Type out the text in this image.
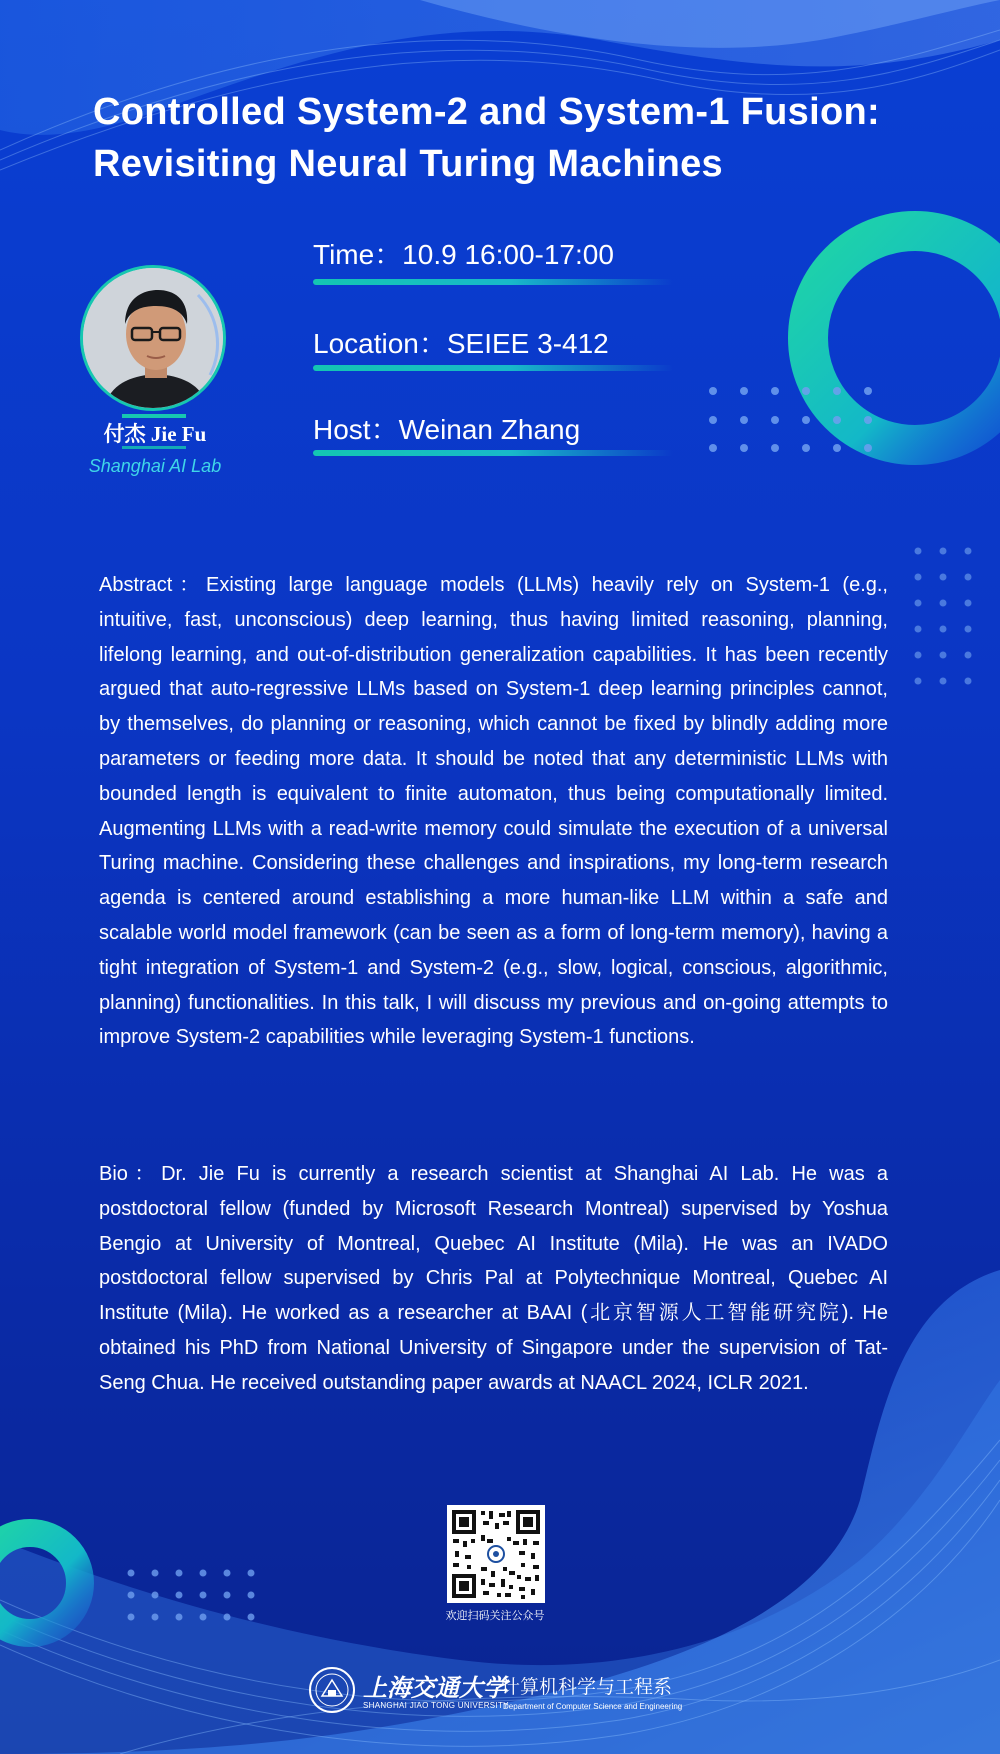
Controlled System-2 and System-1 Fusion:
Revisiting Neural Turing Machines
付杰 Jie Fu
Shanghai AI Lab
Time：10.9 16:00-17:00
Location：SEIEE 3-412
Host：Weinan Zhang
Abstract：Existing large language models (LLMs) heavily rely on System-1 (e.g., intuitive, fast, unconscious) deep learning, thus having limited reasoning, planning, lifelong learning, and out-of-distribution generalization capabilities. It has been recently argued that auto-regressive LLMs based on System-1 deep learning principles cannot, by themselves, do planning or reasoning, which cannot be fixed by blindly adding more parameters or feeding more data. It should be noted that any deterministic LLMs with bounded length is equivalent to finite automaton, thus being computationally limited. Augmenting LLMs with a read-write memory could simulate the execution of a universal Turing machine. Considering these challenges and inspirations, my long-term research agenda is centered around establishing a more human-like LLM within a safe and scalable world model framework (can be seen as a form of long-term memory), having a tight integration of System-1 and System-2 (e.g., slow, logical, conscious, algorithmic, planning) functionalities. In this talk, I will discuss my previous and on-going attempts to improve System-2 capabilities while leveraging System-1 functions.
Bio：Dr. Jie Fu is currently a research scientist at Shanghai AI Lab. He was a postdoctoral fellow (funded by Microsoft Research Montreal) supervised by Yoshua Bengio at University of Montreal, Quebec AI Institute (Mila). He was an IVADO postdoctoral fellow supervised by Chris Pal at Polytechnique Montreal, Quebec AI Institute (Mila). He worked as a researcher at BAAI (北京智源人工智能研究院). He obtained his PhD from National University of Singapore under the supervision of Tat-Seng Chua. He received outstanding paper awards at NAACL 2024, ICLR 2021.
欢迎扫码关注公众号
上海交通大学
SHANGHAI JIAO TONG UNIVERSITY
计算机科学与工程系
Department of Computer Science and Engineering
